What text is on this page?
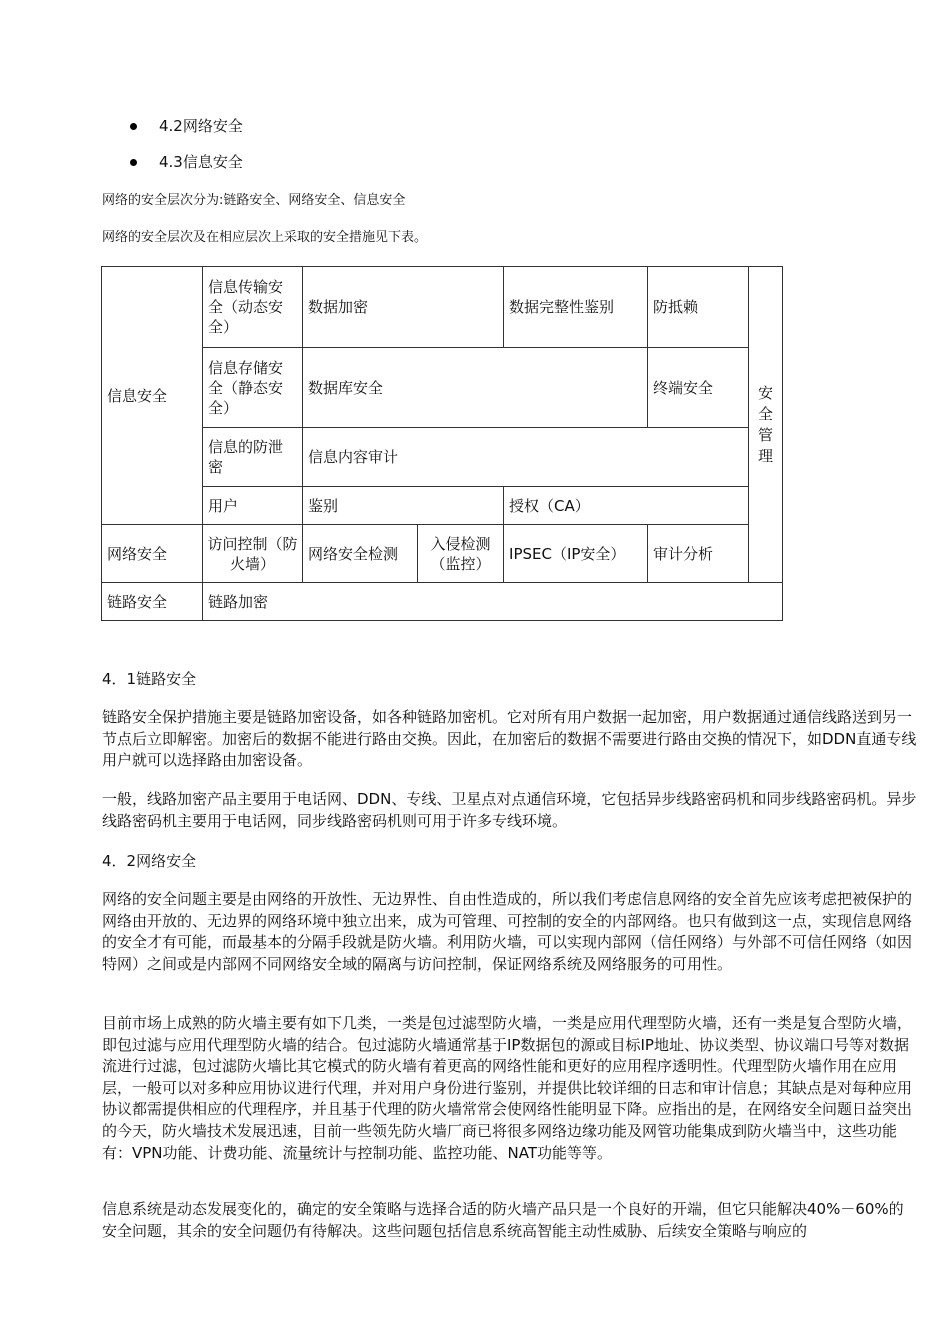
4.2网络安全
4.3信息安全
网络的安全层次分为:链路安全、网络安全、信息安全
网络的安全层次及在相应层次上采取的安全措施见下表。
信息安全	信息传输安全（动态安全）	数据加密		数据完整性鉴别	防抵赖	安全管理

	信息存储安全（静态安全）	数据库安全			终端安全	
	信息的防泄密	信息内容审计				
	用户	鉴别		授权（CA）		
网络安全	访问控制（防火墙）	网络安全检测	入侵检测（监控）	IPSEC（IP安全）	审计分析	
链路安全	链路加密					
4．1链路安全
链路安全保护措施主要是链路加密设备，如各种链路加密机。它对所有用户数据一起加密，用户数据通过通信线路送到另一节点后立即解密。加密后的数据不能进行路由交换。因此，在加密后的数据不需要进行路由交换的情况下，如DDN直通专线用户就可以选择路由加密设备。
一般，线路加密产品主要用于电话网、DDN、专线、卫星点对点通信环境，它包括异步线路密码机和同步线路密码机。异步线路密码机主要用于电话网，同步线路密码机则可用于许多专线环境。
4．2网络安全
网络的安全问题主要是由网络的开放性、无边界性、自由性造成的，所以我们考虑信息网络的安全首先应该考虑把被保护的网络由开放的、无边界的网络环境中独立出来，成为可管理、可控制的安全的内部网络。也只有做到这一点，实现信息网络的安全才有可能，而最基本的分隔手段就是防火墙。利用防火墙，可以实现内部网（信任网络）与外部不可信任网络（如因特网）之间或是内部网不同网络安全域的隔离与访问控制，保证网络系统及网络服务的可用性。
目前市场上成熟的防火墙主要有如下几类，一类是包过滤型防火墙，一类是应用代理型防火墙，还有一类是复合型防火墙，即包过滤与应用代理型防火墙的结合。包过滤防火墙通常基于IP数据包的源或目标IP地址、协议类型、协议端口号等对数据流进行过滤，包过滤防火墙比其它模式的防火墙有着更高的网络性能和更好的应用程序透明性。代理型防火墙作用在应用层，一般可以对多种应用协议进行代理，并对用户身份进行鉴别，并提供比较详细的日志和审计信息；其缺点是对每种应用协议都需提供相应的代理程序，并且基于代理的防火墙常常会使网络性能明显下降。应指出的是，在网络安全问题日益突出的今天，防火墙技术发展迅速，目前一些领先防火墙厂商已将很多网络边缘功能及网管功能集成到防火墙当中，这些功能有：VPN功能、计费功能、流量统计与控制功能、监控功能、NAT功能等等。
信息系统是动态发展变化的，确定的安全策略与选择合适的防火墙产品只是一个良好的开端，但它只能解决40%－60%的安全问题，其余的安全问题仍有待解决。这些问题包括信息系统高智能主动性威胁、后续安全策略与响应的
